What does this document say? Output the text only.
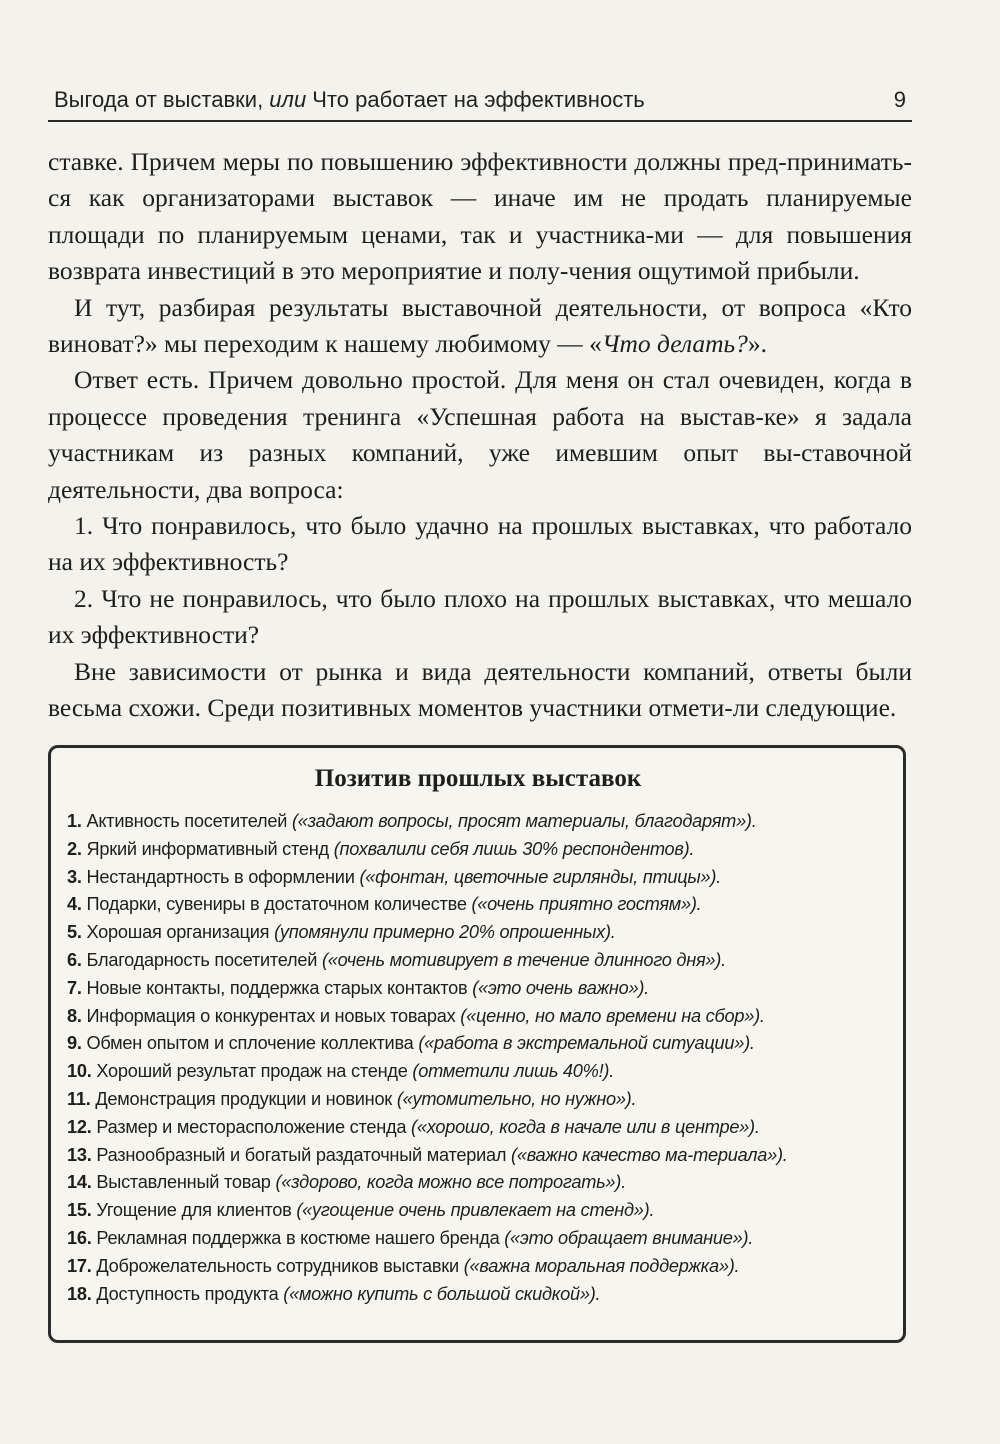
Выгода от выставки, или Что работает на эффективность	9

ставке. Причем меры по повышению эффективности должны пред-приниматься как организаторами выставок — иначе им не продать планируемые площади по планируемым ценами, так и участника-ми — для повышения возврата инвестиций в это мероприятие и полу-чения ощутимой прибыли.

И тут, разбирая результаты выставочной деятельности, от вопроса «Кто виноват?» мы переходим к нашему любимому — «Что делать?».

Ответ есть. Причем довольно простой. Для меня он стал очевиден, когда в процессе проведения тренинга «Успешная работа на выстав-ке» я задала участникам из разных компаний, уже имевшим опыт вы-ставочной деятельности, два вопроса:

1. Что понравилось, что было удачно на прошлых выставках, что работало на их эффективность?

2. Что не понравилось, что было плохо на прошлых выставках, что мешало их эффективности?

Вне зависимости от рынка и вида деятельности компаний, ответы были весьма схожи. Среди позитивных моментов участники отмети-ли следующие.

Позитив прошлых выставок
1. Активность посетителей («задают вопросы, просят материалы, благодарят»).
2. Яркий информативный стенд (похвалили себя лишь 30% респондентов).
3. Нестандартность в оформлении («фонтан, цветочные гирлянды, птицы»).
4. Подарки, сувениры в достаточном количестве («очень приятно гостям»).
5. Хорошая организация (упомянули примерно 20% опрошенных).
6. Благодарность посетителей («очень мотивирует в течение длинного дня»).
7. Новые контакты, поддержка старых контактов («это очень важно»).
8. Информация о конкурентах и новых товарах («ценно, но мало времени на сбор»).
9. Обмен опытом и сплочение коллектива («работа в экстремальной ситуации»).
10. Хороший результат продаж на стенде (отметили лишь 40%!).
11. Демонстрация продукции и новинок («утомительно, но нужно»).
12. Размер и месторасположение стенда («хорошо, когда в начале или в центре»).
13. Разнообразный и богатый раздаточный материал («важно качество ма-териала»).
14. Выставленный товар («здорово, когда можно все потрогать»).
15. Угощение для клиентов («угощение очень привлекает на стенд»).
16. Рекламная поддержка в костюме нашего бренда («это обращает внимание»).
17. Доброжелательность сотрудников выставки («важна моральная поддержка»).
18. Доступность продукта («можно купить с большой скидкой»).
